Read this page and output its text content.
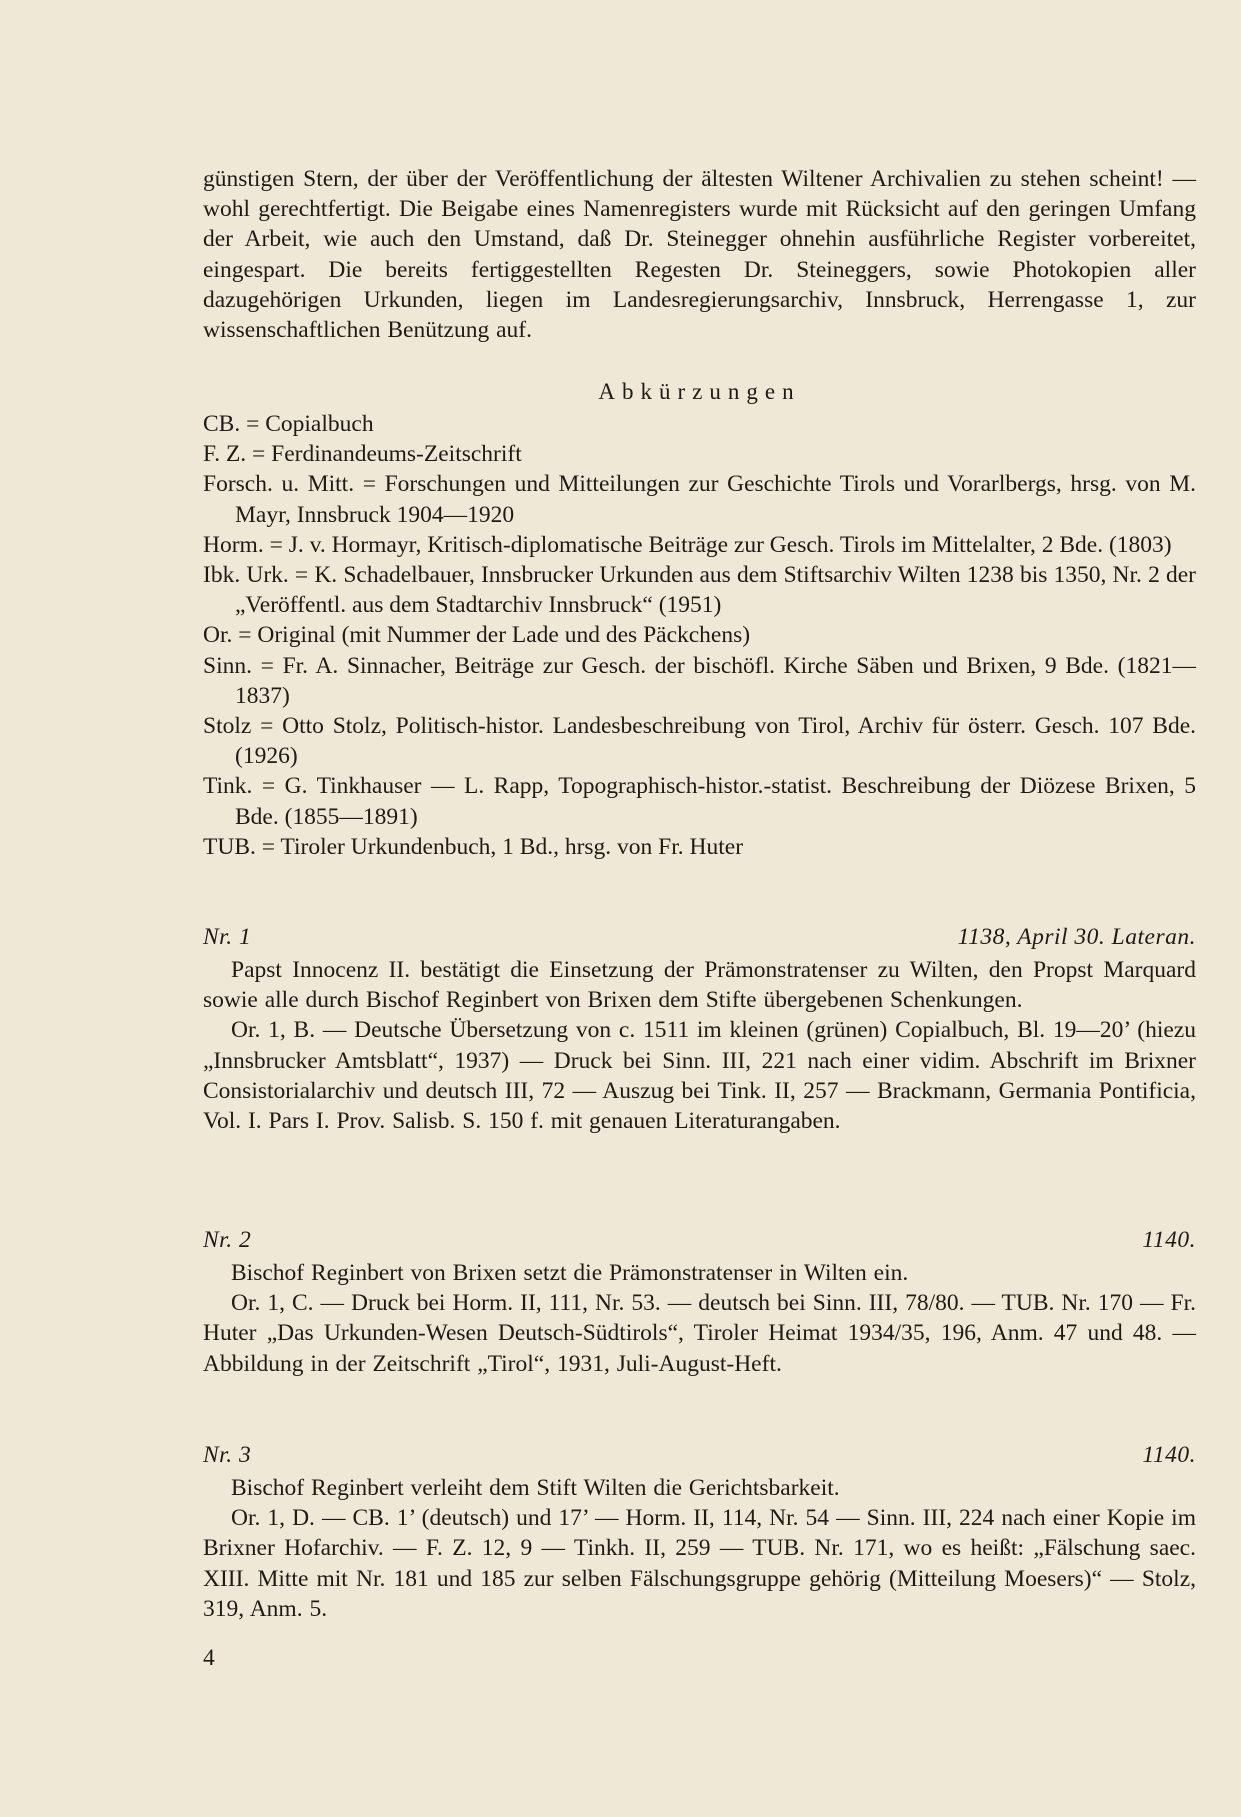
günstigen Stern, der über der Veröffentlichung der ältesten Wiltener Archivalien zu stehen scheint! — wohl gerechtfertigt. Die Beigabe eines Namenregisters wurde mit Rücksicht auf den geringen Umfang der Arbeit, wie auch den Umstand, daß Dr. Steinegger ohnehin ausführliche Register vorbereitet, eingespart. Die bereits fertiggestellten Regesten Dr. Steineggers, sowie Photokopien aller dazugehörigen Urkunden, liegen im Landesregierungsarchiv, Innsbruck, Herrengasse 1, zur wissenschaftlichen Benützung auf.

Abkürzungen

CB. = Copialbuch

F. Z. = Ferdinandeums-Zeitschrift

Forsch. u. Mitt. = Forschungen und Mitteilungen zur Geschichte Tirols und Vorarlbergs, hrsg. von M. Mayr, Innsbruck 1904—1920

Horm. = J. v. Hormayr, Kritisch-diplomatische Beiträge zur Gesch. Tirols im Mittelalter, 2 Bde. (1803)

Ibk. Urk. = K. Schadelbauer, Innsbrucker Urkunden aus dem Stiftsarchiv Wilten 1238 bis 1350, Nr. 2 der „Veröffentl. aus dem Stadtarchiv Innsbruck“ (1951)

Or. = Original (mit Nummer der Lade und des Päckchens)

Sinn. = Fr. A. Sinnacher, Beiträge zur Gesch. der bischöfl. Kirche Säben und Brixen, 9 Bde. (1821—1837)

Stolz = Otto Stolz, Politisch-histor. Landesbeschreibung von Tirol, Archiv für österr. Gesch. 107 Bde. (1926)

Tink. = G. Tinkhauser — L. Rapp, Topographisch-histor.-statist. Beschreibung der Diözese Brixen, 5 Bde. (1855—1891)

TUB. = Tiroler Urkundenbuch, 1 Bd., hrsg. von Fr. Huter

Nr. 1	1138, April 30. Lateran.

Papst Innocenz II. bestätigt die Einsetzung der Prämonstratenser zu Wilten, den Propst Marquard sowie alle durch Bischof Reginbert von Brixen dem Stifte übergebenen Schenkungen.

Or. 1, B. — Deutsche Übersetzung von c. 1511 im kleinen (grünen) Copialbuch, Bl. 19—20’ (hiezu „Innsbrucker Amtsblatt“, 1937) — Druck bei Sinn. III, 221 nach einer vidim. Abschrift im Brixner Consistorialarchiv und deutsch III, 72 — Auszug bei Tink. II, 257 — Brackmann, Germania Pontificia, Vol. I. Pars I. Prov. Salisb. S. 150 f. mit genauen Literaturangaben.

Nr. 2	1140.

Bischof Reginbert von Brixen setzt die Prämonstratenser in Wilten ein.

Or. 1, C. — Druck bei Horm. II, 111, Nr. 53. — deutsch bei Sinn. III, 78/80. — TUB. Nr. 170 — Fr. Huter „Das Urkunden-Wesen Deutsch-Südtirols“, Tiroler Heimat 1934/35, 196, Anm. 47 und 48. — Abbildung in der Zeitschrift „Tirol“, 1931, Juli-August-Heft.

Nr. 3	1140.

Bischof Reginbert verleiht dem Stift Wilten die Gerichtsbarkeit.

Or. 1, D. — CB. 1’ (deutsch) und 17’ — Horm. II, 114, Nr. 54 — Sinn. III, 224 nach einer Kopie im Brixner Hofarchiv. — F. Z. 12, 9 — Tinkh. II, 259 — TUB. Nr. 171, wo es heißt: „Fälschung saec. XIII. Mitte mit Nr. 181 und 185 zur selben Fälschungsgruppe gehörig (Mitteilung Moesers)“ — Stolz, 319, Anm. 5.

4
